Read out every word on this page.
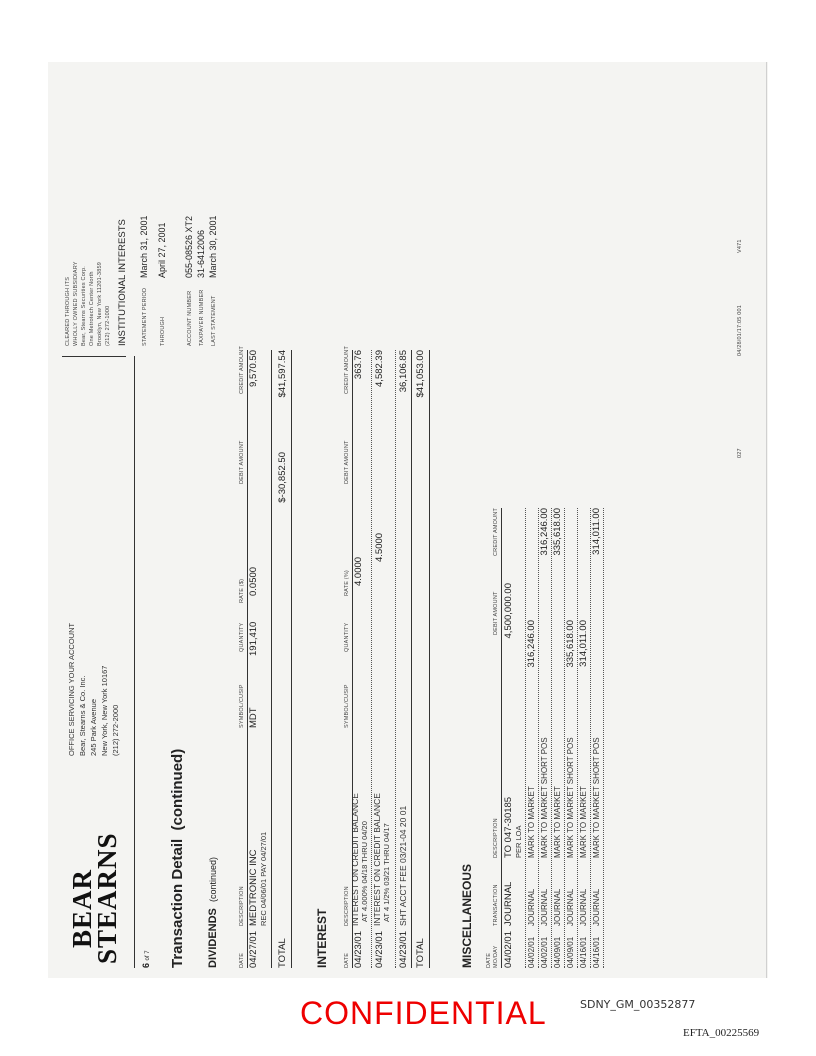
BEAR
STEARNS
OFFICE SERVICING YOUR ACCOUNT Bear, Stearns & Co. Inc. 245 Park Avenue New York, New York 10167 (212) 272-2000
CLEARED THROUGH ITS WHOLLY OWNED SUBSIDIARY Bear, Stearns Securities Corp. One Metrotech Center North Brooklyn, New York 11201-3859 (212) 272-1000 INSTITUTIONAL INTERESTS
6 of 7 Transaction Detail  (continued)
STATEMENT PERIOD
March 31, 2001
THROUGH
April 27, 2001
ACCOUNT NUMBER
055-08526 XT2
TAXPAYER NUMBER
31-6412006
LAST STATEMENT
March 30, 2001
DIVIDENDS  (continued)
DATE
DESCRIPTION
SYMBOL/CUSIP
QUANTITY
RATE ($)
DEBIT AMOUNT
CREDIT AMOUNT
04/27/01
MEDTRONIC INC REC 04/06/01 PAY 04/27/01
MDT
191,410
0.0500
9,570.50
TOTAL
$-30,852.50
$41,597.54
INTEREST	DATE
DESCRIPTION
SYMBOL/CUSIP
QUANTITY
RATE (%)
DEBIT AMOUNT
CREDIT AMOUNT
04/23/01
INTEREST ON CREDIT BALANCE AT 4.000% 04/18 THRU 04/20
4.0000
363.76
04/23/01
INTEREST ON CREDIT BALANCE AT 4 1/2% 03/21 THRU 04/17
4.5000
4,582.39
04/23/01
SHT ACCT FEE 03/21-04 20 01
36,106.85
TOTAL
$41,053.00
MISCELLANEOUS DATE MO/DAY
TRANSACTION
DESCRIPTION
DEBIT AMOUNT
CREDIT AMOUNT
04/02/01
JOURNAL
TO 047-30185 PER LOA
4,500,000.00
04/02/01
JOURNAL
MARK TO MARKET
316,246.00
04/02/01
JOURNAL
MARK TO MARKET SHORT POS
316,246.00
04/09/01
JOURNAL
MARK TO MARKET
335,618.00
04/09/01
JOURNAL
MARK TO MARKET SHORT POS
335,618.00
04/16/01
JOURNAL
MARK TO MARKET
314,011.00
04/16/01
JOURNAL
MARK TO MARKET SHORT POS
314,011.00
027
04/28/01/17:05 001
V471
CONFIDENTIAL	SDNY_GM_00352877
EFTA_00225569
